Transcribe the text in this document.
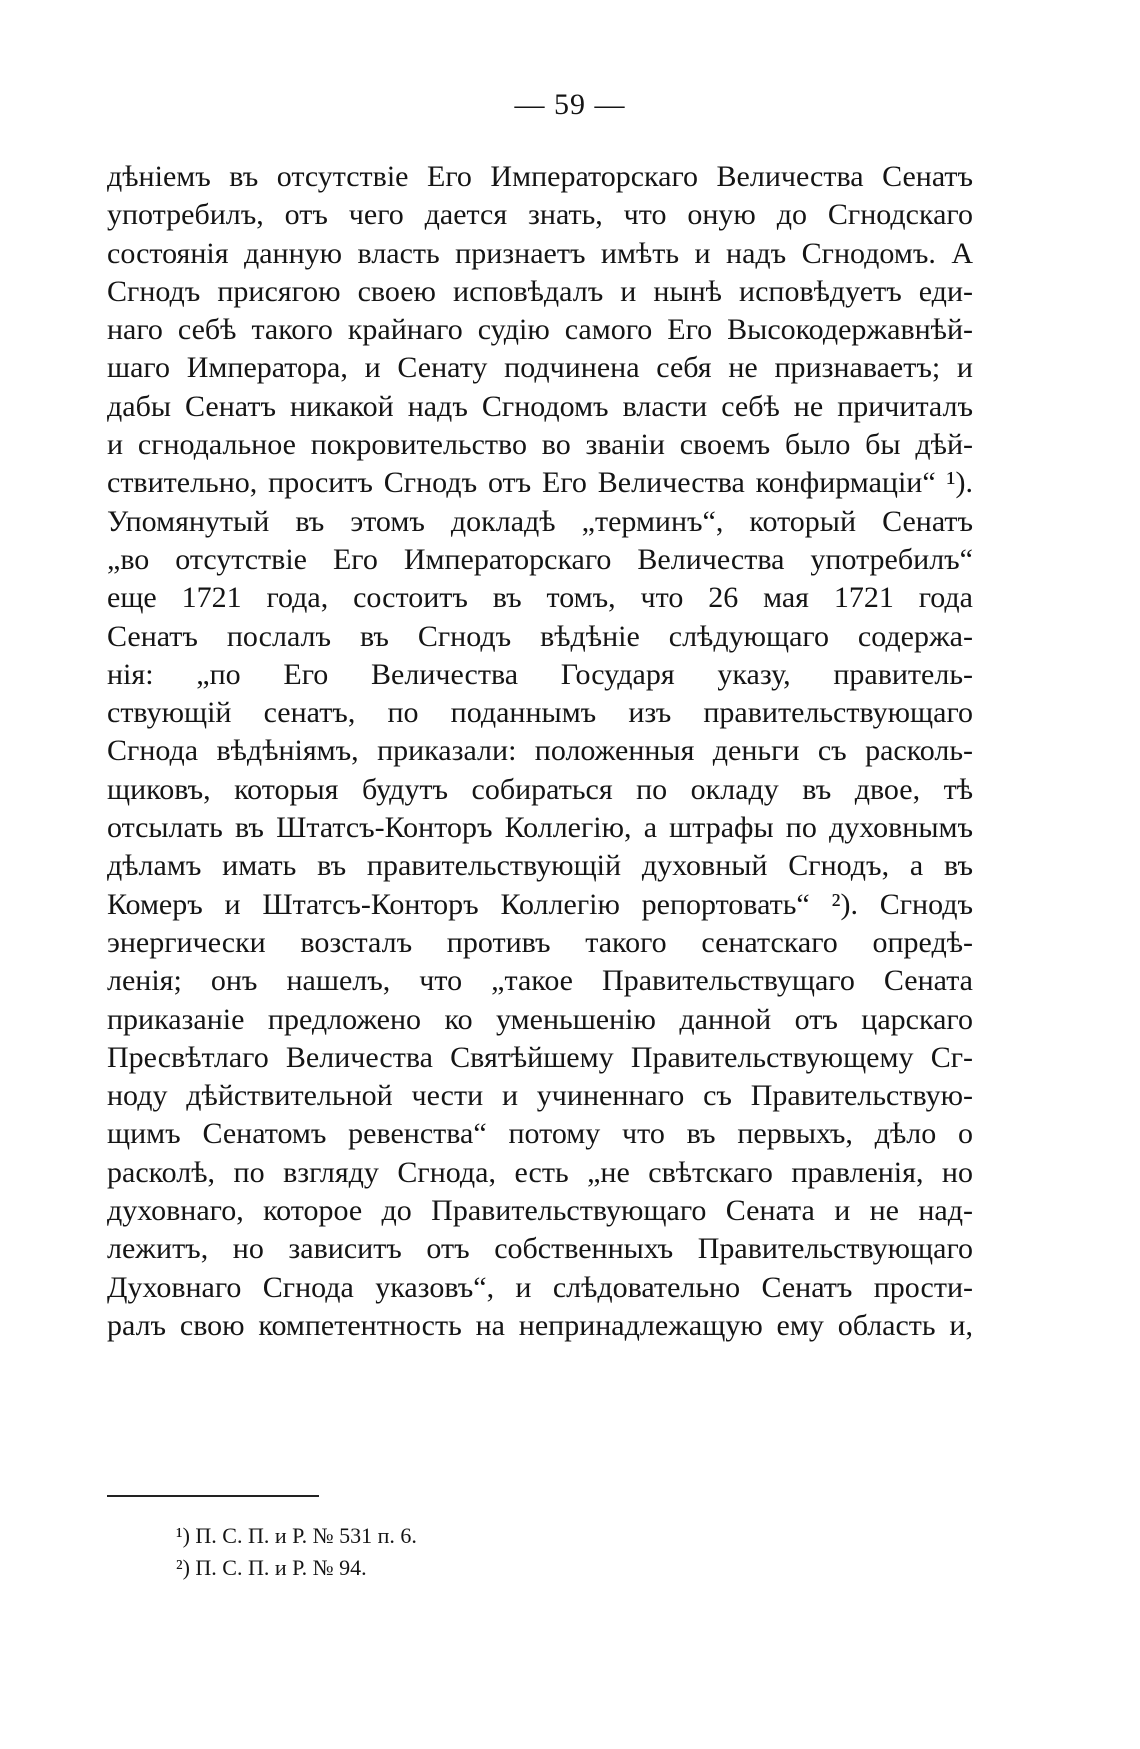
— 59 —
дѣніемъ въ отсутствіе Его Императорскаго Величества Сенатъ
употребилъ, отъ чего дается знать, что оную до Сгнодскаго
состоянія данную власть признаетъ имѣть и надъ Сгнодомъ. А
Сгнодъ присягою своею исповѣдалъ и нынѣ исповѣдуетъ еди-
наго себѣ такого крайнаго судію самого Его Высокодержавнѣй-
шаго Императора, и Сенату подчинена себя не признаваетъ; и
дабы Сенатъ никакой надъ Сгнодомъ власти себѣ не причиталъ
и сгнодальное покровительство во званіи своемъ было бы дѣй-
ствительно, проситъ Сгнодъ отъ Его Величества конфирмаціи“ ¹).
Упомянутый въ этомъ докладѣ „терминъ“, который Сенатъ
„во отсутствіе Его Императорскаго Величества употребилъ“
еще 1721 года, состоитъ въ томъ, что 26 мая 1721 года
Сенатъ послалъ въ Сгнодъ вѣдѣніе слѣдующаго содержа-
нія: „по Его Величества Государя указу, правитель-
ствующій сенатъ, по поданнымъ изъ правительствующаго
Сгнода вѣдѣніямъ, приказали: положенныя деньги съ расколь-
щиковъ, которыя будутъ собираться по окладу въ двое, тѣ
отсылать въ Штатсъ-Конторъ Коллегію, а штрафы по духовнымъ
дѣламъ имать въ правительствующій духовный Сгнодъ, а въ
Комеръ и Штатсъ-Конторъ Коллегію репортовать“ ²). Сгнодъ
энергически возсталъ противъ такого сенатскаго опредѣ-
ленія; онъ нашелъ, что „такое Правительствущаго Сената
приказаніе предложено ко уменьшенію данной отъ царскаго
Пресвѣтлаго Величества Святѣйшему Правительствующему Сг-
ноду дѣйствительной чести и учиненнаго съ Правительствую-
щимъ Сенатомъ ревенства“ потому что въ первыхъ, дѣло о
расколѣ, по взгляду Сгнода, есть „не свѣтскаго правленія, но
духовнаго, которое до Правительствующаго Сената и не над-
лежитъ, но зависитъ отъ собственныхъ Правительствующаго
Духовнаго Сгнода указовъ“, и слѣдовательно Сенатъ прости-
ралъ свою компетентность на непринадлежащую ему область и,
¹) П. С. П. и Р. № 531 п. 6.
²) П. С. П. и Р. № 94.
